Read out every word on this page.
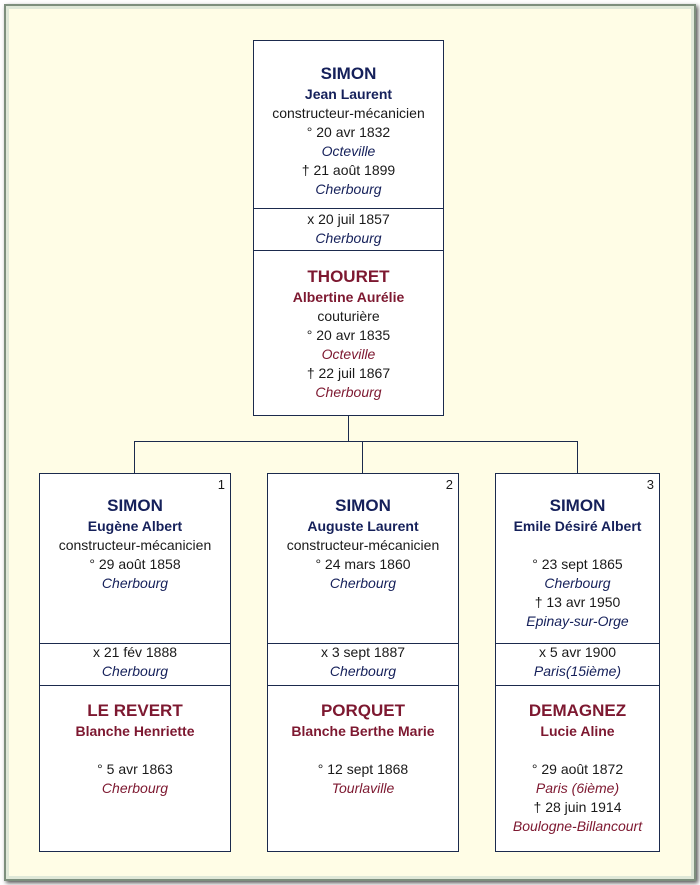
SIMON
Jean Laurent
constructeur-mécanicien
° 20 avr 1832
Octeville
† 21 août 1899
Cherbourg
x 20 juil 1857
Cherbourg
THOURET
Albertine Aurélie
couturière
° 20 avr 1835
Octeville
† 22 juil 1867
Cherbourg
1
SIMON
Eugène Albert
constructeur-mécanicien
° 29 août 1858
Cherbourg
x 21 fév 1888
Cherbourg
LE REVERT
Blanche Henriette
° 5 avr 1863
Cherbourg
2
SIMON
Auguste Laurent
constructeur-mécanicien
° 24 mars 1860
Cherbourg
x 3 sept 1887
Cherbourg
PORQUET
Blanche Berthe Marie
° 12 sept 1868
Tourlaville
3
SIMON
Emile Désiré Albert
° 23 sept 1865
Cherbourg
† 13 avr 1950
Epinay-sur-Orge
x 5 avr 1900
Paris(15ième)
DEMAGNEZ
Lucie Aline
° 29 août 1872
Paris (6ième)
† 28 juin 1914
Boulogne-Billancourt
